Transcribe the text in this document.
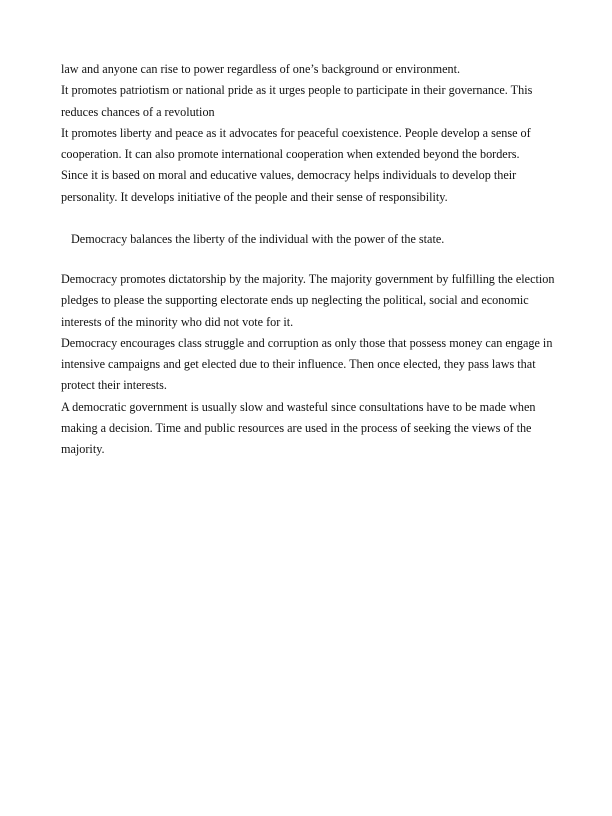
law and anyone can rise to power regardless of one’s background or environment.

It promotes patriotism or national pride as it urges people to participate in their governance. This reduces chances of a revolution

It promotes liberty and peace as it advocates for peaceful coexistence. People develop a sense of cooperation. It can also promote international cooperation when extended beyond the borders.

Since it is based on moral and educative values, democracy helps individuals to develop their personality. It develops initiative of the people and their sense of responsibility.

Democracy balances the liberty of the individual with the power of the state.

Democracy promotes dictatorship by the majority. The majority government by fulfilling the election pledges to please the supporting electorate ends up neglecting the political, social and economic interests of the minority who did not vote for it.

Democracy encourages class struggle and corruption as only those that possess money can engage in intensive campaigns and get elected due to their influence. Then once elected, they pass laws that protect their interests.

A democratic government is usually slow and wasteful since consultations have to be made when making a decision. Time and public resources are used in the process of seeking the views of the majority.
